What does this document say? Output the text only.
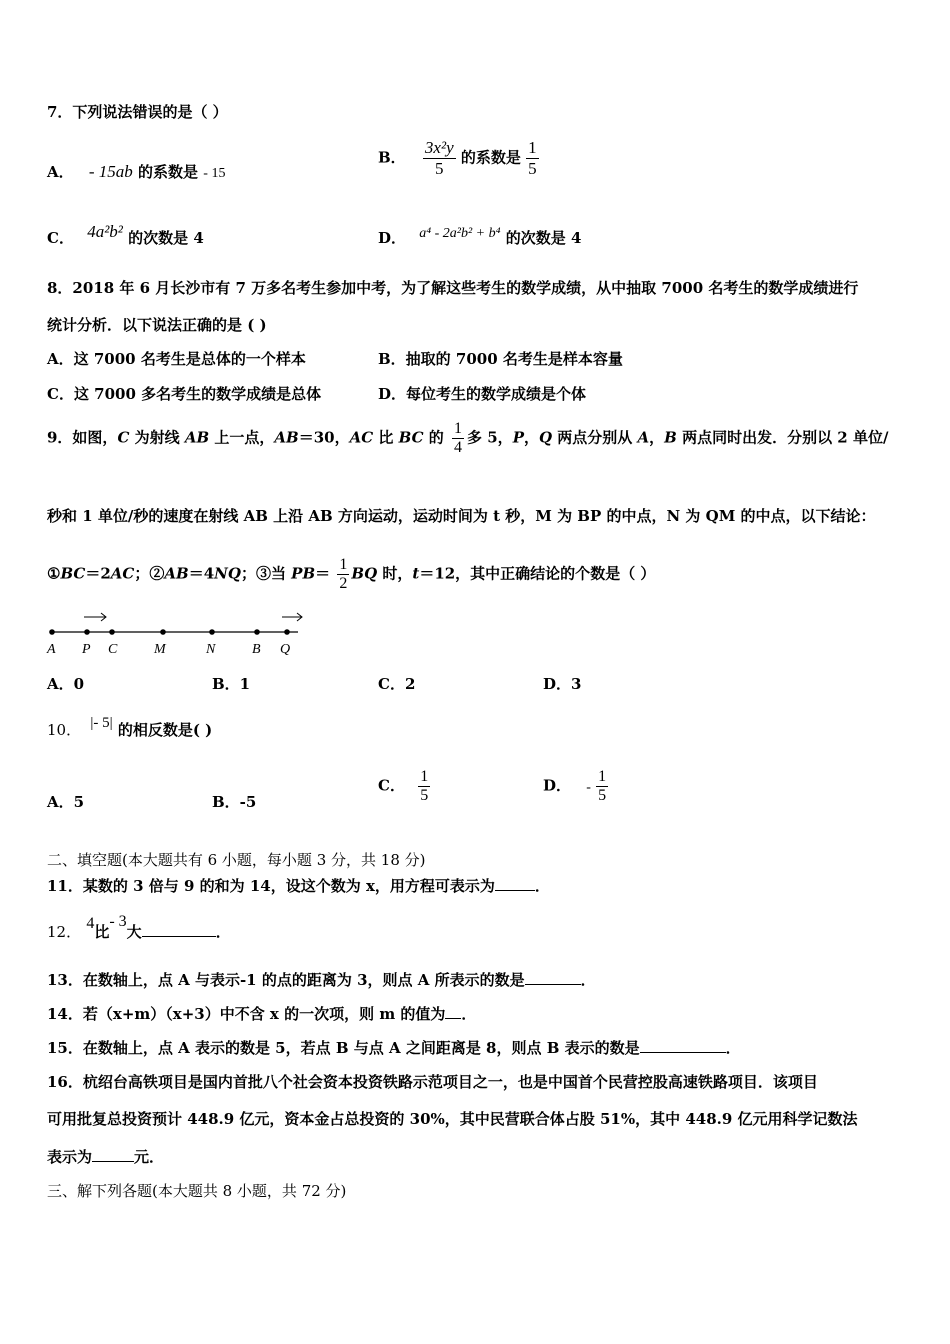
7．下列说法错误的是（ ）
A． - 15ab 的系数是 - 15
B． $\frac{\text{3x²y}}{5}$ 的系数是 $\frac{1}{5}$
C． 4a²b² 的次数是 4	D． a⁴ - 2a²b² + b⁴ 的次数是 4
8．2018 年 6 月长沙市有 7 万多名考生参加中考，为了解这些考生的数学成绩，从中抽取 7000 名考生的数学成绩进行
统计分析．以下说法正确的是 ( )
A．这 7000 名考生是总体的一个样本	B．抽取的 7000 名考生是样本容量
C．这 7000 多名考生的数学成绩是总体	D．每位考生的数学成绩是个体
9．如图，C 为射线 AB 上一点，AB＝30，AC 比 BC 的 $\frac{1}{4}$ 多 5，P，Q 两点分别从 A，B 两点同时出发．分别以 2 单位/
秒和 1 单位/秒的速度在射线 AB 上沿 AB 方向运动，运动时间为 t 秒，M 为 BP 的中点，N 为 QM 的中点，以下结论：
①BC＝2AC；②AB＝4NQ；③当 $PB= \frac{1}{2}$ BQ 时，t＝12，其中正确结论的个数是（ ）
A P C	M	N	B Q
A．0	B．1	C．2	D．3
10． |- 5| 的相反数是( )
A．5	B．-5
C． $\frac{1}{5}$	D． - $\frac{1}{5}$
二、填空题(本大题共有 6 小题，每小题 3 分，共 18 分)
11．某数的 3 倍与 9 的和为 14，设这个数为 x，用方程可表示为	．
12． 4比- 3大	．
13．在数轴上，点 A 与表示-1 的点的距离为 3，则点 A 所表示的数是	．
14．若（x+m）（x+3）中不含 x 的一次项，则 m 的值为 ．
15．在数轴上，点 A 表示的数是 5，若点 B 与点 A 之间距离是 8，则点 B 表示的数是	．
16．杭绍台高铁项目是国内首批八个社会资本投资铁路示范项目之一，也是中国首个民营控股高速铁路项目．该项目
可用批复总投资预计 448.9 亿元，资本金占总投资的 30%，其中民营联合体占股 51%，其中 448.9 亿元用科学记数法
表示为	元．
三、解下列各题(本大题共 8 小题，共 72 分)
